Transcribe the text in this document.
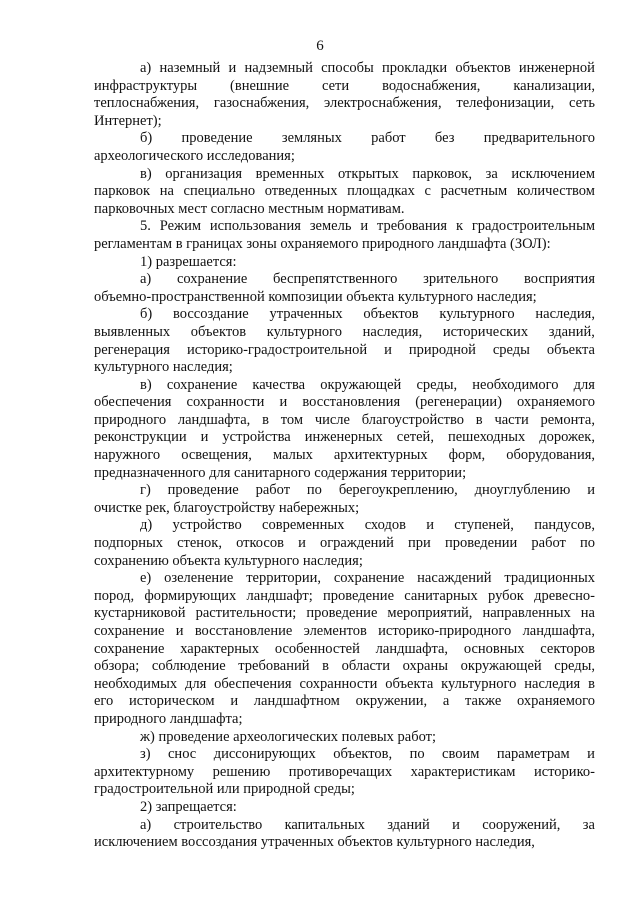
6
а) наземный и надземный способы прокладки объектов инженерной
инфраструктуры (внешние сети водоснабжения, канализации,
теплоснабжения, газоснабжения, электроснабжения, телефонизации, сеть
Интернет);
б) проведение земляных работ без предварительного
археологического исследования;
в) организация временных открытых парковок, за исключением
парковок на специально отведенных площадках с расчетным количеством
парковочных мест согласно местным нормативам.
5. Режим использования земель и требования к градостроительным
регламентам в границах зоны охраняемого природного ландшафта (ЗОЛ):
1) разрешается:
а) сохранение беспрепятственного зрительного восприятия
объемно-пространственной композиции объекта культурного наследия;
б) воссоздание утраченных объектов культурного наследия,
выявленных объектов культурного наследия, исторических зданий,
регенерация историко-градостроительной и природной среды объекта
культурного наследия;
в) сохранение качества окружающей среды, необходимого для
обеспечения сохранности и восстановления (регенерации) охраняемого
природного ландшафта, в том числе благоустройство в части ремонта,
реконструкции и устройства инженерных сетей, пешеходных дорожек,
наружного освещения, малых архитектурных форм, оборудования,
предназначенного для санитарного содержания территории;
г) проведение работ по берегоукреплению, дноуглублению и
очистке рек, благоустройству набережных;
д) устройство современных сходов и ступеней, пандусов,
подпорных стенок, откосов и ограждений при проведении работ по
сохранению объекта культурного наследия;
е) озеленение территории, сохранение насаждений традиционных
пород, формирующих ландшафт; проведение санитарных рубок древесно-
кустарниковой растительности; проведение мероприятий, направленных на
сохранение и восстановление элементов историко-природного ландшафта,
сохранение характерных особенностей ландшафта, основных секторов
обзора; соблюдение требований в области охраны окружающей среды,
необходимых для обеспечения сохранности объекта культурного наследия в
его историческом и ландшафтном окружении, а также охраняемого
природного ландшафта;
ж) проведение археологических полевых работ;
з) снос диссонирующих объектов, по своим параметрам и
архитектурному решению противоречащих характеристикам историко-
градостроительной или природной среды;
2) запрещается:
а) строительство капитальных зданий и сооружений, за
исключением воссоздания утраченных объектов культурного наследия,
